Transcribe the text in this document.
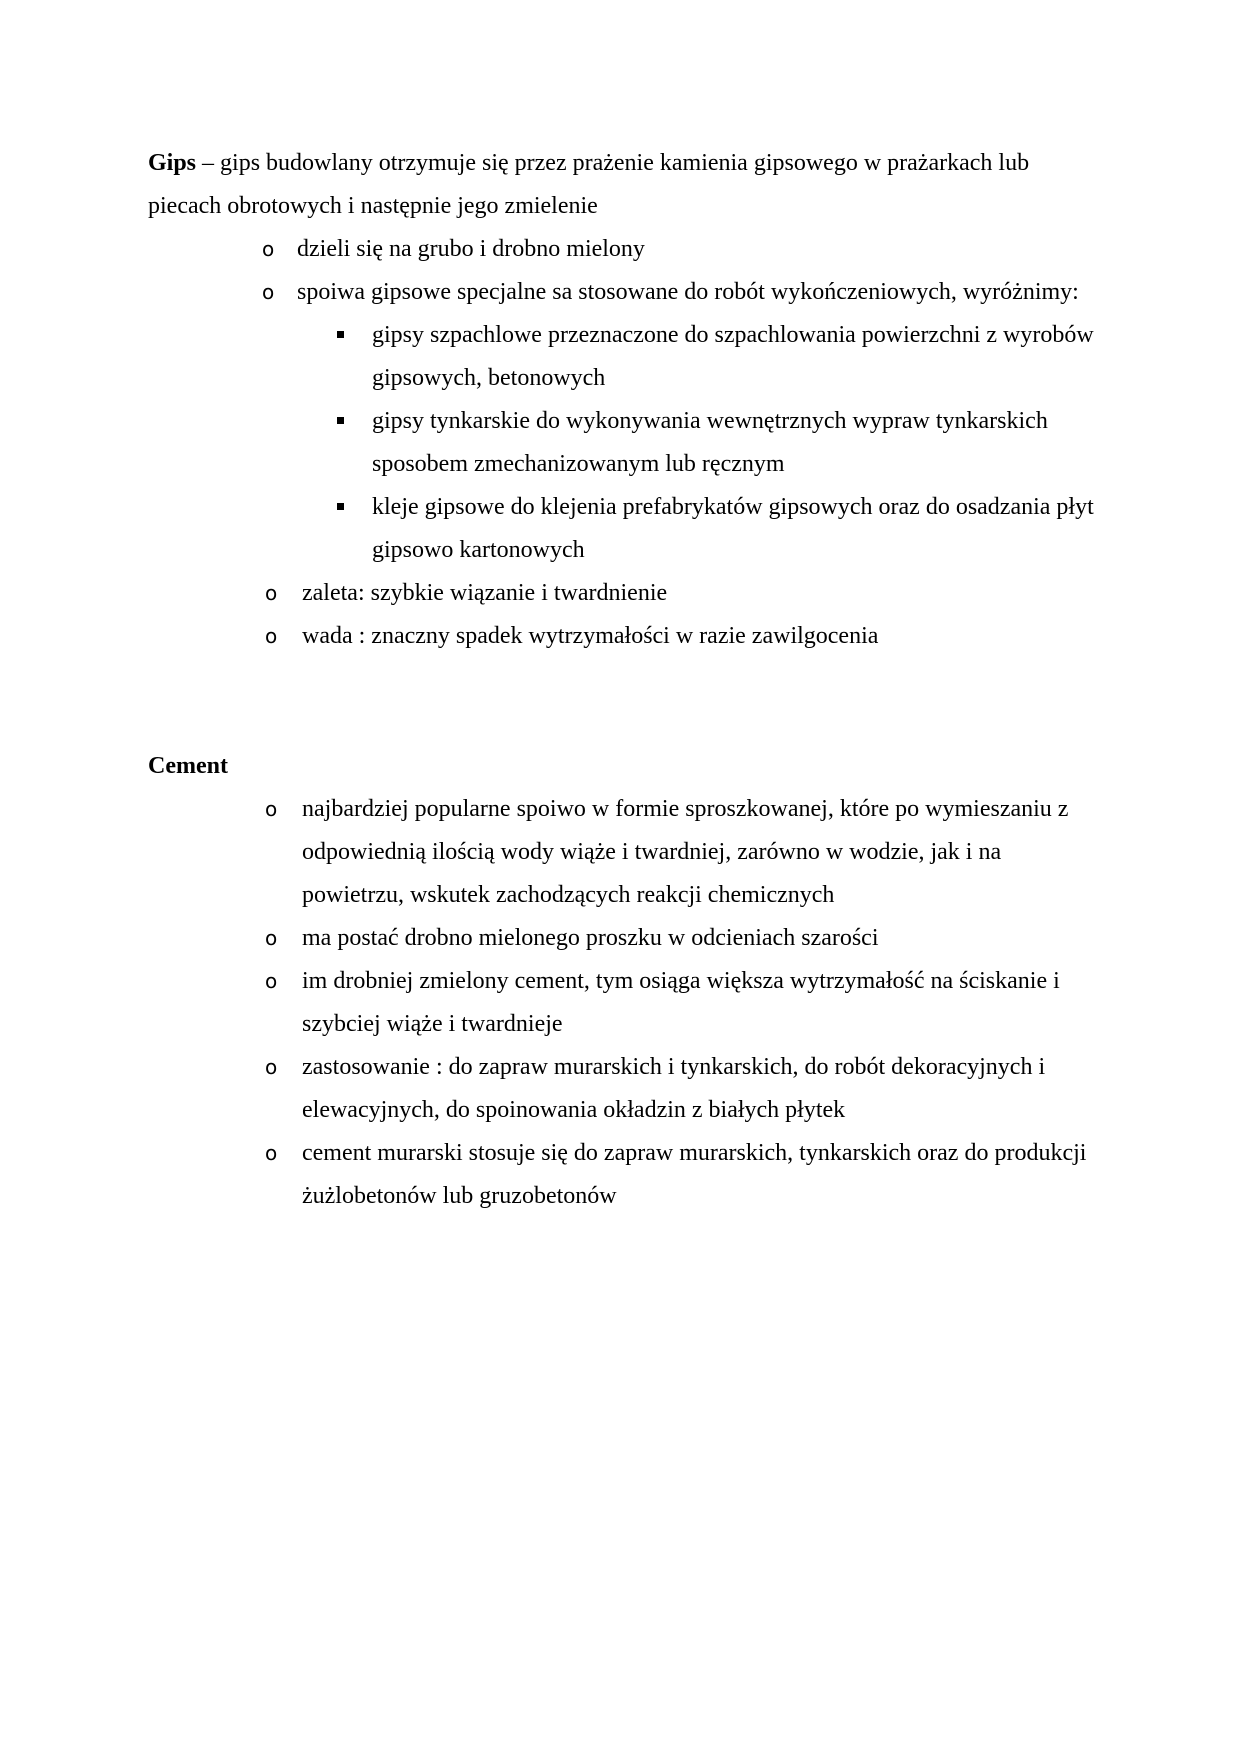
Gips – gips budowlany otrzymuje się przez prażenie kamienia gipsowego w prażarkach lub piecach obrotowych i następnie jego zmielenie

o dzieli się na grubo i drobno mielony
o spoiwa gipsowe specjalne sa stosowane do robót wykończeniowych, wyróżnimy:
gipsy szpachlowe przeznaczone do szpachlowania powierzchni z wyrobów gipsowych, betonowych
gipsy tynkarskie do wykonywania wewnętrznych wypraw tynkarskich sposobem zmechanizowanym lub ręcznym
kleje gipsowe do klejenia prefabrykatów gipsowych oraz do osadzania płyt gipsowo kartonowych
o zaleta: szybkie wiązanie i twardnienie
o wada : znaczny spadek wytrzymałości w razie zawilgocenia

Cement

o najbardziej popularne spoiwo w formie sproszkowanej, które po wymieszaniu z odpowiednią ilością wody wiąże i twardniej, zarówno w wodzie, jak i na powietrzu, wskutek zachodzących reakcji chemicznych
o ma postać drobno mielonego proszku w odcieniach szarości
o im drobniej zmielony cement, tym osiąga większa wytrzymałość na ściskanie i szybciej wiąże i twardnieje
o zastosowanie : do zapraw murarskich i tynkarskich, do robót dekoracyjnych i elewacyjnych, do spoinowania okładzin z białych płytek
o cement murarski stosuje się do zapraw murarskich, tynkarskich oraz do produkcji żużlobetonów lub gruzobetonów
